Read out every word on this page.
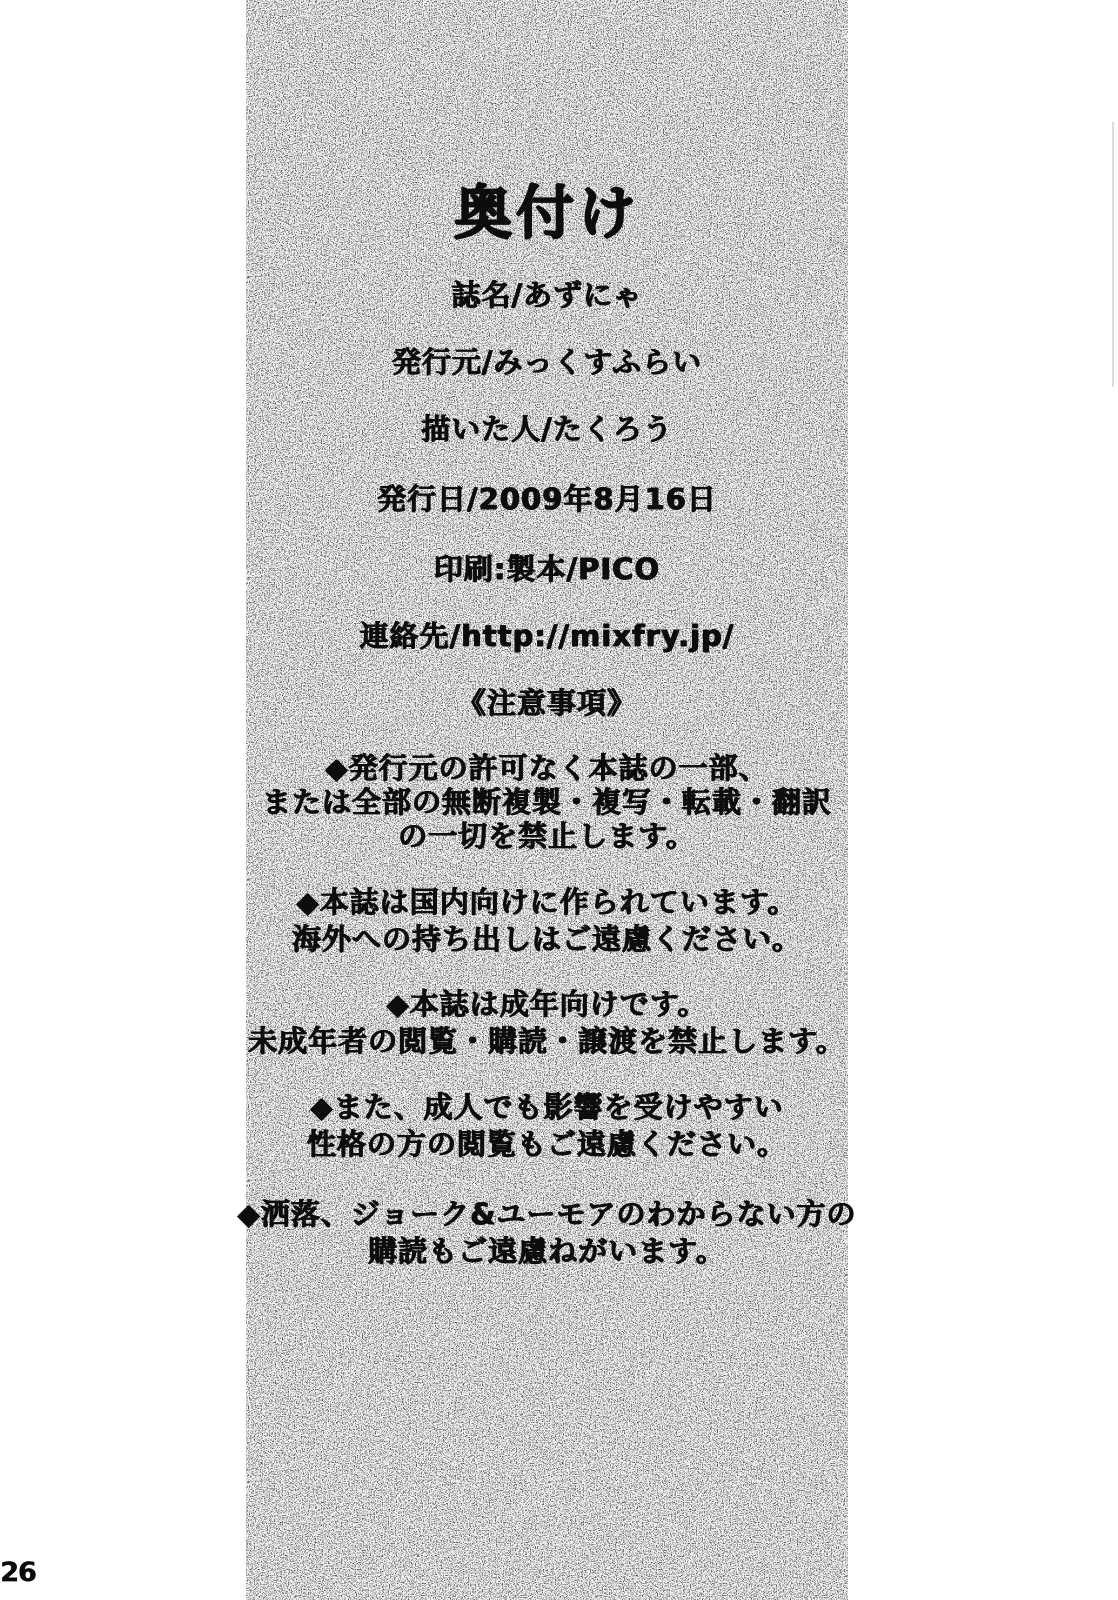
奥付け
誌名/あずにゃ
発行元/みっくすふらい
描いた人/たくろう
発行日/2009年8月16日
印刷:製本/PICO
連絡先/http://mixfry.jp/
《注意事項》
◆発行元の許可なく本誌の一部、
または全部の無断複製・複写・転載・翻訳
の一切を禁止します。
◆本誌は国内向けに作られています。
海外への持ち出しはご遠慮ください。
◆本誌は成年向けです。
未成年者の閲覧・購読・譲渡を禁止します。
◆また、成人でも影響を受けやすい
性格の方の閲覧もご遠慮ください。
◆洒落、ジョーク&ユーモアのわからない方の
購読もご遠慮ねがいます。
26
